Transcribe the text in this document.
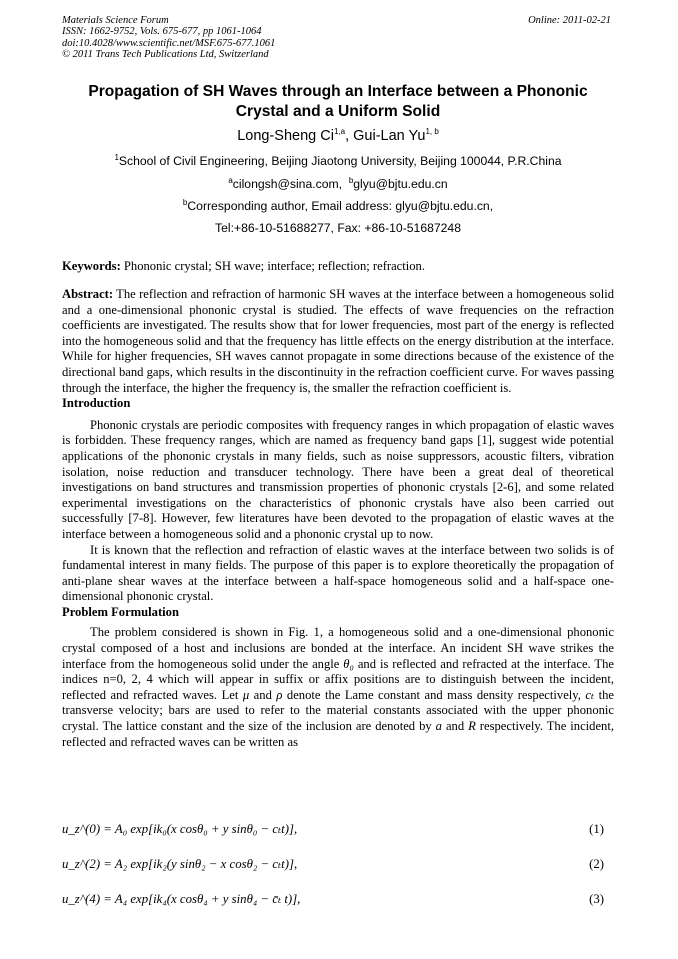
Materials Science Forum
ISSN: 1662-9752, Vols. 675-677, pp 1061-1064
doi:10.4028/www.scientific.net/MSF.675-677.1061
© 2011 Trans Tech Publications Ltd, Switzerland
Online: 2011-02-21
Propagation of SH Waves through an Interface between a Phononic
Crystal and a Uniform Solid
Long-Sheng Ci$^{1,a}$, Gui-Lan Yu$^{1, b}$
$^1$School of Civil Engineering, Beijing Jiaotong University, Beijing 100044, P.R.China
$^a$cilongsh@sina.com, $^b$glyu@bjtu.edu.cn
$^b$Corresponding author, Email address: glyu@bjtu.edu.cn,
Tel:+86-10-51688277, Fax: +86-10-51687248
Keywords: Phononic crystal; SH wave; interface; reflection; refraction.

Abstract: The reflection and refraction of harmonic SH waves at the interface between a homogeneous solid and a one-dimensional phononic crystal is studied. The effects of wave frequencies on the refraction coefficients are investigated. The results show that for lower frequencies, most part of the energy is reflected into the homogeneous solid and that the frequency has little effects on the energy distribution at the interface. While for higher frequencies, SH waves cannot propagate in some directions because of the existence of the directional band gaps, which results in the discontinuity in the refraction coefficient curve. For waves passing through the interface, the higher the frequency is, the smaller the refraction coefficient is.

Introduction

Phononic crystals are periodic composites with frequency ranges in which propagation of elastic waves is forbidden. These frequency ranges, which are named as frequency band gaps [1], suggest wide potential applications of the phononic crystals in many fields, such as noise suppressors, acoustic filters, vibration isolation, noise reduction and transducer technology. There have been a great deal of theoretical investigations on band structures and transmission properties of phononic crystals [2-6], and some related experimental investigations on the characteristics of phononic crystals have also been carried out successfully [7-8]. However, few literatures have been devoted to the propagation of elastic waves at the interface between a homogeneous solid and a phononic crystal up to now.

It is known that the reflection and refraction of elastic waves at the interface between two solids is of fundamental interest in many fields. The purpose of this paper is to explore theoretically the propagation of anti-plane shear waves at the interface between a half-space homogeneous solid and a half-space one-dimensional phononic crystal.

Problem Formulation

The problem considered is shown in Fig. 1, a homogeneous solid and a one-dimensional phononic crystal composed of a host and inclusions are bonded at the interface. An incident SH wave strikes the interface from the homogeneous solid under the angle θ₀ and is reflected and refracted at the interface. The indices n=0, 2, 4 which will appear in suffix or affix positions are to distinguish between the incident, reflected and refracted waves. Let μ and ρ denote the Lame constant and mass density respectively, cₜ the transverse velocity; bars are used to refer to the material constants associated with the upper phononic crystal. The lattice constant and the size of the inclusion are denoted by a and R respectively. The incident, reflected and refracted waves can be written as

u_z^(0) = A₀ exp[ik₀(x cosθ₀ + y sinθ₀ − cₜt)],	(1)
u_z^(2) = A₂ exp[ik₂(y sinθ₂ − x cosθ₂ − cₜt)],	(2)
u_z^(4) = A₄ exp[ik₄(x cosθ₄ + y sinθ₄ − c̄ₜ t)],	(3)
